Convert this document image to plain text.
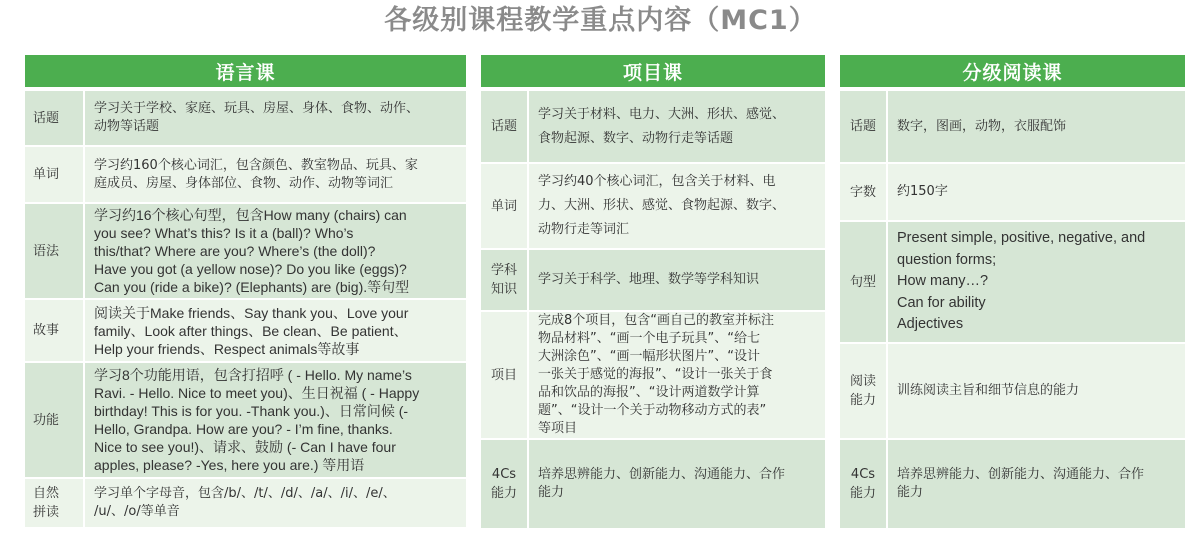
各级别课程教学重点内容（MC1）
语言课
话题
学习关于学校、家庭、玩具、房屋、身体、食物、动作、
动物等话题
单词
学习约160个核心词汇，包含颜色、教室物品、玩具、家
庭成员、房屋、身体部位、食物、动作、动物等词汇
语法
学习约16个核心句型，包含How many (chairs) can
you see? What’s this? Is it a (ball)? Who’s
this/that? Where are you? Where’s (the doll)?
Have you got (a yellow nose)? Do you like (eggs)?
Can you (ride a bike)? (Elephants) are (big).等句型
故事
阅读关于Make friends、Say thank you、Love your
family、Look after things、Be clean、Be patient、
Help your friends、Respect animals等故事
功能
学习8个功能用语，包含打招呼 ( - Hello. My name’s
Ravi. - Hello. Nice to meet you)、生日祝福 ( - Happy
birthday! This is for you. -Thank you.)、日常问候 (-
Hello, Grandpa. How are you? - I’m fine, thanks.
Nice to see you!)、请求、鼓励 (- Can I have four
apples, please? -Yes, here you are.) 等用语
自然
拼读
学习单个字母音，包含/b/、/t/、/d/、/a/、/i/、/e/、
/u/、/o/等单音
项目课
话题
学习关于材料、电力、大洲、形状、感觉、
食物起源、数字、动物行走等话题
单词
学习约40个核心词汇，包含关于材料、电
力、大洲、形状、感觉、食物起源、数字、
动物行走等词汇
学科
知识
学习关于科学、地理、数学等学科知识
项目
完成8个项目，包含“画自己的教室并标注
物品材料”、“画一个电子玩具”、“给七
大洲涂色”、“画一幅形状图片”、“设计
一张关于感觉的海报”、“设计一张关于食
品和饮品的海报”、“设计两道数学计算
题”、“设计一个关于动物移动方式的表”
等项目
4Cs
能力
培养思辨能力、创新能力、沟通能力、合作
能力
分级阅读课
话题 数字，图画，动物，衣服配饰
字数 约150字
句型
Present simple, positive, negative, and
question forms;
How many…?
Can for ability
Adjectives
阅读
能力
训练阅读主旨和细节信息的能力
4Cs
能力
培养思辨能力、创新能力、沟通能力、合作
能力
